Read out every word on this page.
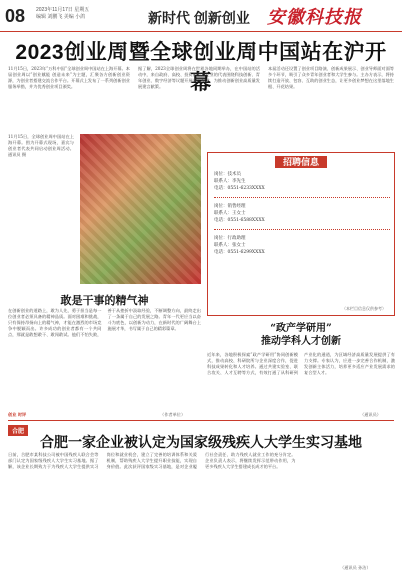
08 2023年11月17日 星期五
编辑 刘鹏飞 美编 小鸽	新时代 创新创业 安徽科技报
2023创业周暨全球创业周中国站在沪开幕
11月15日，2023年“万科中国”全球创业周中国站在上海开幕。本届创业周以“创业赋能 创造未来”为主题，汇聚各方创新创业资源，为创业者搭建交流合作平台。开幕式上发布了一系列创新创业服务举措，并为优秀创业项目颁奖。
据了解，2023全球创业周将在世界各地同期举办，在中国站的活动中，来自政府、高校、投资机构和企业的代表围绕科技创新、青年创业、数字经济等议题开展深入探讨，为推动创新创业高质量发展建言献策。
本届活动还设置了创业项目路演、创新成果展示、创业导师面对面等多个环节，吸引了众多青年创业者和大学生参与。主办方表示，将持续打造开放、包容、互助的创业生态，让更多创业梦想在这里落地生根、开花结果。
11月15日，全球创业周中国站在上海开幕。图为开幕式现场，嘉宾与创业者代表共同启动创业周活动。 通讯员 摄
招聘信息
岗位：技术员
联系人：李先生
电话：0551-6233XXXX
岗位：销售经理
联系人：王女士
电话：0551-6588XXXX
岗位：行政助理
联系人：张女士
电话：0551-6299XXXX
（本栏目信息仅供参考）
敢是干事的精气神
在创新创业的道路上，敢为人先、勇于担当是每一位创业者必须具备的精神品质。面对困难和挑战，只有保持昂扬向上的精气神，才能在激烈的市场竞争中脱颖而出。许多成功的创业者都有一个共同点，那就是敢想敢干、敢闯敢试。他们不怕失败，善于从挫折中汲取经验，不断调整方向，最终走出了一条属于自己的发展之路。青年一代更应当以奋斗为底色，以创新为动力，在新时代的广阔舞台上施展才华，书写属于自己的精彩篇章。
创业 时评	（作者单位）
“政产学研用”
推动学科人才创新
近年来，各地积极探索“政产学研用”协同创新模式，推动高校、科研院所与企业深度合作，促进科技成果转化和人才培养。通过共建实验室、联合攻关、人才互聘等方式，有效打通了从科研到产业化的通道，为区域经济高质量发展提供了有力支撑。专家认为，应进一步完善合作机制，激发创新主体活力，培养更多适应产业发展需求的复合型人才。
（通讯员）
合肥
合肥一家企业被认定为国家级残疾人大学生实习基地
日前，合肥市某科技公司被中国残疾人联合会等部门认定为国家级残疾人大学生实习基地。据了解，该企业长期致力于为残疾人大学生提供实习岗位和就业机会，建立了完善的培训体系和关爱机制，帮助残疾人大学生提升职业技能，实现自身价值。此次获评国家级实习基地，是对企业履行社会责任、助力残疾人就业工作的充分肯定。企业负责人表示，将继续发挥示范带动作用，为更多残疾人大学生搭建成长成才的平台。
（通讯员 孙洁）
